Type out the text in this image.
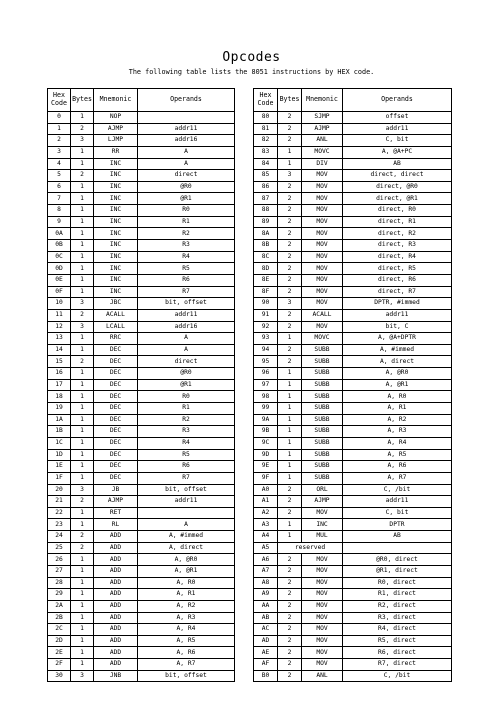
Opcodes
The following table lists the 8051 instructions by HEX code.
Hex Code	Bytes	Mnemonic	Operands
0	1	NOP	
1	2	AJMP	addr11
2	3	LJMP	addr16
3	1	RR	A
4	1	INC	A
5	2	INC	direct
6	1	INC	@R0
7	1	INC	@R1
8	1	INC	R0
9	1	INC	R1
0A	1	INC	R2
0B	1	INC	R3
0C	1	INC	R4
0D	1	INC	R5
0E	1	INC	R6
0F	1	INC	R7
10	3	JBC	bit, offset
11	2	ACALL	addr11
12	3	LCALL	addr16
13	1	RRC	A
14	1	DEC	A
15	2	DEC	direct
16	1	DEC	@R0
17	1	DEC	@R1
18	1	DEC	R0
19	1	DEC	R1
1A	1	DEC	R2
1B	1	DEC	R3
1C	1	DEC	R4
1D	1	DEC	R5
1E	1	DEC	R6
1F	1	DEC	R7
20	3	JB	bit, offset
21	2	AJMP	addr11
22	1	RET	
23	1	RL	A
24	2	ADD	A, #immed
25	2	ADD	A, direct
26	1	ADD	A, @R0
27	1	ADD	A, @R1
28	1	ADD	A, R0
29	1	ADD	A, R1
2A	1	ADD	A, R2
2B	1	ADD	A, R3
2C	1	ADD	A, R4
2D	1	ADD	A, R5
2E	1	ADD	A, R6
2F	1	ADD	A, R7
30	3	JNB	bit, offset
Hex Code	Bytes	Mnemonic	Operands
80	2	SJMP	offset
81	2	AJMP	addr11
82	2	ANL	C, bit
83	1	MOVC	A, @A+PC
84	1	DIV	AB
85	3	MOV	direct, direct
86	2	MOV	direct, @R0
87	2	MOV	direct, @R1
88	2	MOV	direct, R0
89	2	MOV	direct, R1
8A	2	MOV	direct, R2
8B	2	MOV	direct, R3
8C	2	MOV	direct, R4
8D	2	MOV	direct, R5
8E	2	MOV	direct, R6
8F	2	MOV	direct, R7
90	3	MOV	DPTR, #immed
91	2	ACALL	addr11
92	2	MOV	bit, C
93	1	MOVC	A, @A+DPTR
94	2	SUBB	A, #immed
95	2	SUBB	A, direct
96	1	SUBB	A, @R0
97	1	SUBB	A, @R1
98	1	SUBB	A, R0
99	1	SUBB	A, R1
9A	1	SUBB	A, R2
9B	1	SUBB	A, R3
9C	1	SUBB	A, R4
9D	1	SUBB	A, R5
9E	1	SUBB	A, R6
9F	1	SUBB	A, R7
A0	2	ORL	C, /bit
A1	2	AJMP	addr11
A2	2	MOV	C, bit
A3	1	INC	DPTR
A4	1	MUL	AB
A5	reserved		
A6	2	MOV	@R0, direct
A7	2	MOV	@R1, direct
A8	2	MOV	R0, direct
A9	2	MOV	R1, direct
AA	2	MOV	R2, direct
AB	2	MOV	R3, direct
AC	2	MOV	R4, direct
AD	2	MOV	R5, direct
AE	2	MOV	R6, direct
AF	2	MOV	R7, direct
B0	2	ANL	C, /bit
